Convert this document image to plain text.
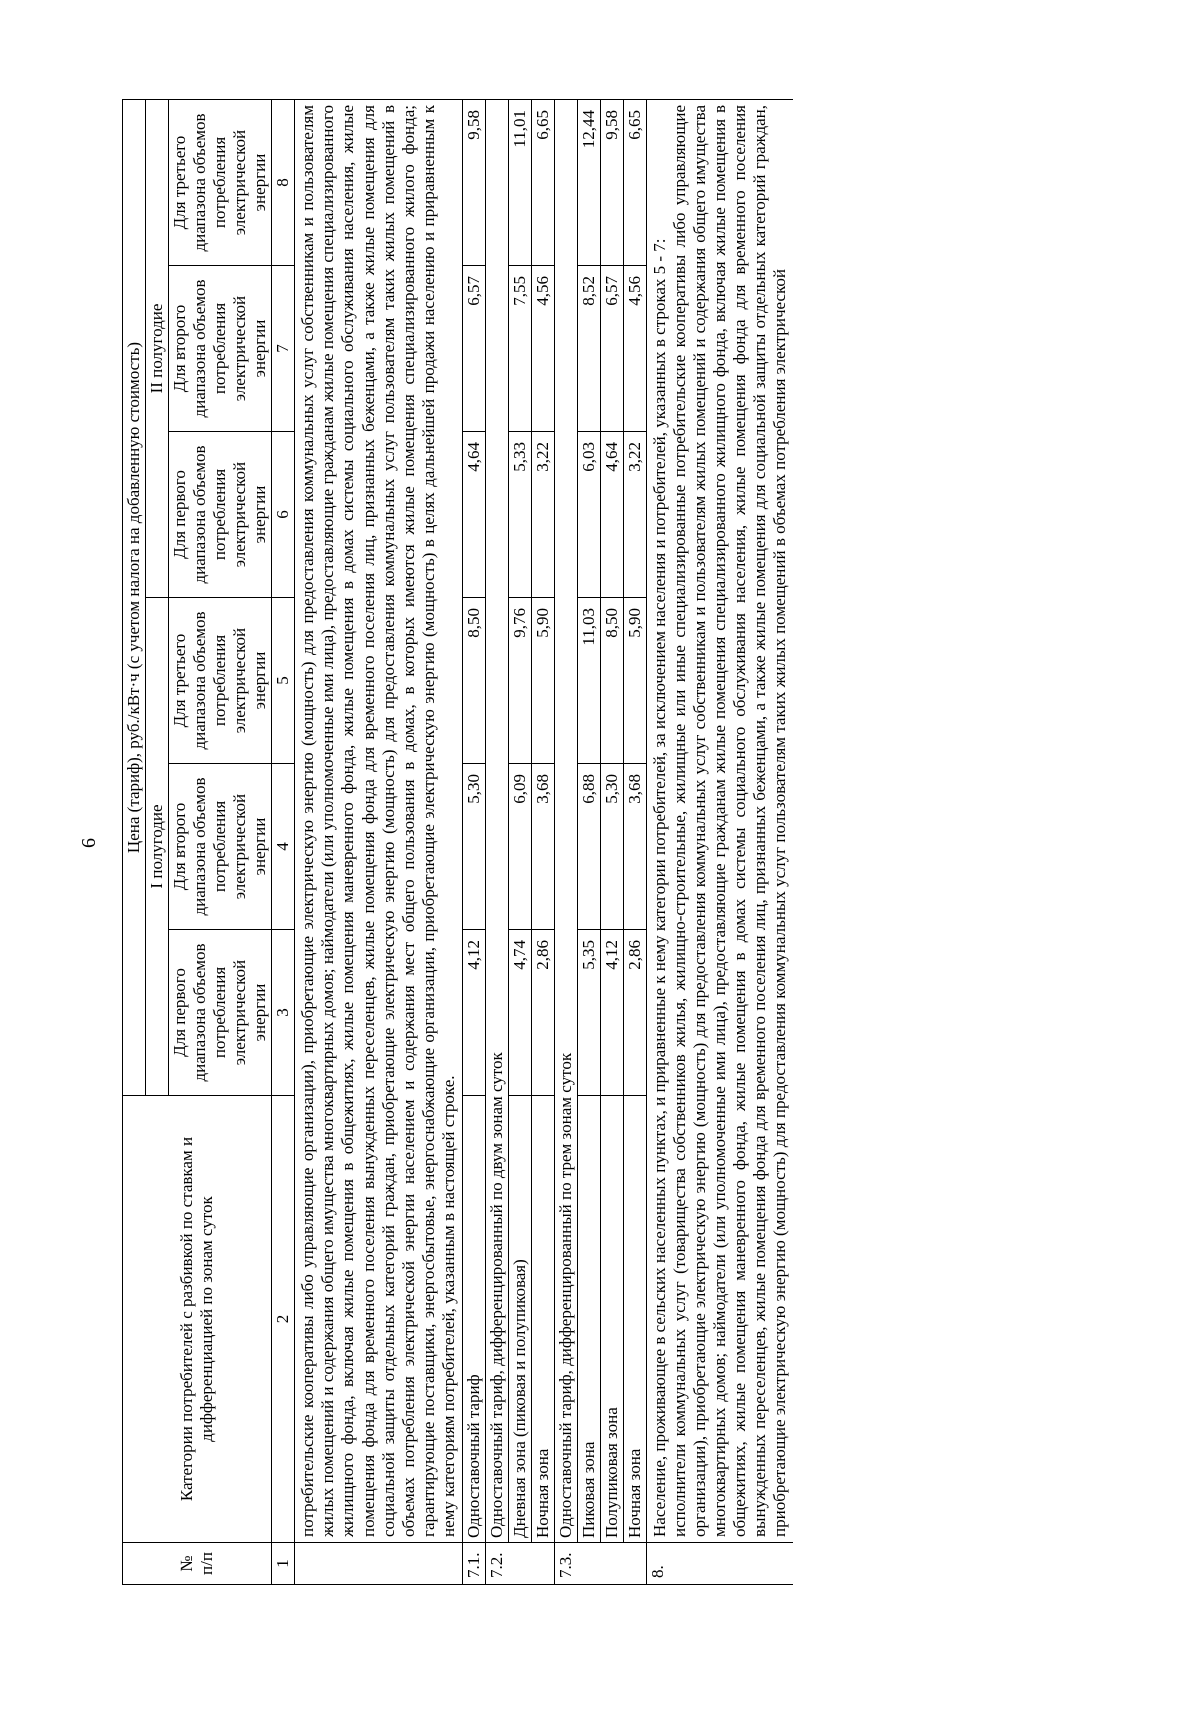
6
№ п/п	Категории потребителей с разбивкой по ставкам и дифференциацией по зонам суток	Цена (тариф), руб./кВт·ч (с учетом налога на добавленную стоимость)					
		I полугодие			II полугодие		
		Для первого диапазона объемов потребления электрической энергии	Для второго диапазона объемов потребления электрической энергии	Для третьего диапазона объемов потребления электрической энергии	Для первого диапазона объемов потребления электрической энергии	Для второго диапазона объемов потребления электрической энергии	Для третьего диапазона объемов потребления электрической энергии
1	2	3	4	5	6	7	8
	потребительские кооперативы либо управляющие организации), приобретающие электрическую энергию (мощность) для предоставления коммунальных услуг собственникам и пользователям жилых помещений и содержания общего имущества многоквартирных домов; наймодатели (или уполномоченные ими лица), предоставляющие гражданам жилые помещения специализированного жилищного фонда, включая жилые помещения в общежитиях, жилые помещения маневренного фонда, жилые помещения в домах системы социального обслуживания населения, жилые помещения фонда для временного поселения вынужденных переселенцев, жилые помещения фонда для временного поселения лиц, признанных беженцами, а также жилые помещения для социальной защиты отдельных категорий граждан, приобретающие электрическую энергию (мощность) для предоставления коммунальных услуг пользователям таких жилых помещений в объемах потребления электрической энергии населением и содержания мест общего пользования в домах, в которых имеются жилые помещения специализированного жилого фонда; гарантирующие поставщики, энергосбытовые, энергоснабжающие организации, приобретающие электрическую энергию (мощность) в целях дальнейшей продажи населению и приравненным к нему категориям потребителей, указанным в настоящей строке.						
7.1.	Одноставочный тариф	4,12	5,30	8,50	4,64	6,57	9,58
7.2.	Одноставочный тариф, дифференцированный по двум зонам суток						
	Дневная зона (пиковая и полупиковая)	4,74	6,09	9,76	5,33	7,55	11,01
	Ночная зона	2,86	3,68	5,90	3,22	4,56	6,65
7.3.	Одноставочный тариф, дифференцированный по трем зонам суток						
	Пиковая зона	5,35	6,88	11,03	6,03	8,52	12,44
	Полупиковая зона	4,12	5,30	8,50	4,64	6,57	9,58
	Ночная зона	2,86	3,68	5,90	3,22	4,56	6,65
8.	Население, проживающее в сельских населенных пунктах, и приравненные к нему категории потребителей, за исключением населения и потребителей, указанных в строках 5 - 7: исполнители коммунальных услуг (товарищества собственников жилья, жилищно-строительные, жилищные или иные специализированные потребительские кооперативы либо управляющие организации), приобретающие электрическую энергию (мощность) для предоставления коммунальных услуг собственникам и пользователям жилых помещений и содержания общего имущества многоквартирных домов; наймодатели (или уполномоченные ими лица), предоставляющие гражданам жилые помещения специализированного жилищного фонда, включая жилые помещения в общежитиях, жилые помещения маневренного фонда, жилые помещения в домах системы социального обслуживания населения, жилые помещения фонда для временного поселения вынужденных переселенцев, жилые помещения фонда для временного поселения лиц, признанных беженцами, а также жилые помещения для социальной защиты отдельных категорий граждан, приобретающие электрическую энергию (мощность) для предоставления коммунальных услуг пользователям таких жилых помещений в объемах потребления электрической						
